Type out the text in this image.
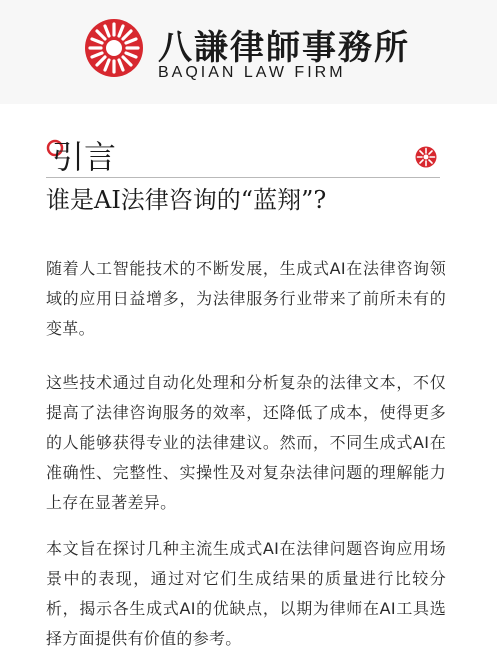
八謙律師事務所
BAQIAN LAW FIRM
引言
谁是AI法律咨询的“蓝翔”?

随着人工智能技术的不断发展，生成式AI在法律咨询领域的应用日益增多，为法律服务行业带来了前所未有的变革。

这些技术通过自动化处理和分析复杂的法律文本，不仅提高了法律咨询服务的效率，还降低了成本，使得更多的人能够获得专业的法律建议。然而，不同生成式AI在准确性、完整性、实操性及对复杂法律问题的理解能力上存在显著差异。

本文旨在探讨几种主流生成式AI在法律问题咨询应用场景中的表现，通过对它们生成结果的质量进行比较分析，揭示各生成式AI的优缺点，以期为律师在AI工具选择方面提供有价值的参考。
